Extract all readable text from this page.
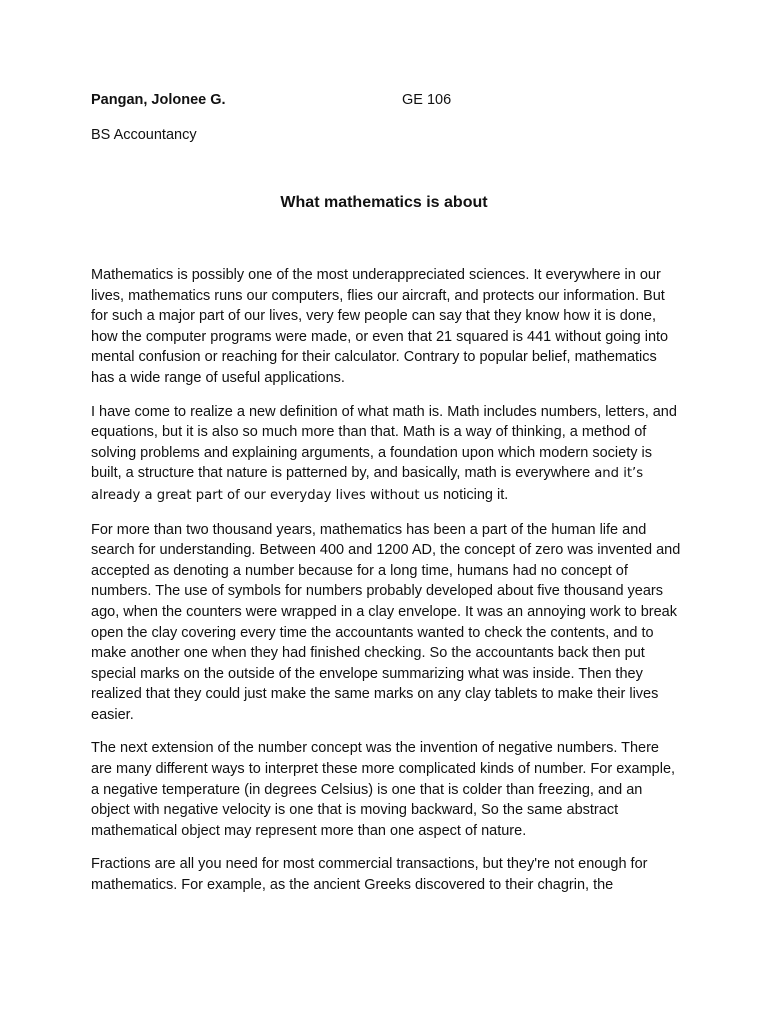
Pangan, Jolonee G.	GE 106
BS Accountancy
What mathematics is about

Mathematics is possibly one of the most underappreciated sciences. It everywhere in our lives, mathematics runs our computers, flies our aircraft, and protects our information. But for such a major part of our lives, very few people can say that they know how it is done, how the computer programs were made, or even that 21 squared is 441 without going into mental confusion or reaching for their calculator. Contrary to popular belief, mathematics has a wide range of useful applications.

I have come to realize a new definition of what math is. Math includes numbers, letters, and equations, but it is also so much more than that. Math is a way of thinking, a method of solving problems and explaining arguments, a foundation upon which modern society is built, a structure that nature is patterned by, and basically, math is everywhere and it’s already a great part of our everyday lives without us noticing it.

For more than two thousand years, mathematics has been a part of the human life and search for understanding. Between 400 and 1200 AD, the concept of zero was invented and accepted as denoting a number because for a long time, humans had no concept of numbers. The use of symbols for numbers probably developed about five thousand years ago, when the counters were wrapped in a clay envelope. It was an annoying work to break open the clay covering every time the accountants wanted to check the contents, and to make another one when they had finished checking. So the accountants back then put special marks on the outside of the envelope summarizing what was inside. Then they realized that they could just make the same marks on any clay tablets to make their lives easier.

The next extension of the number concept was the invention of negative numbers. There are many different ways to interpret these more complicated kinds of number. For example, a negative temperature (in degrees Celsius) is one that is colder than freezing, and an object with negative velocity is one that is moving backward, So the same abstract mathematical object may represent more than one aspect of nature.

Fractions are all you need for most commercial transactions, but they're not enough for mathematics. For example, as the ancient Greeks discovered to their chagrin, the
